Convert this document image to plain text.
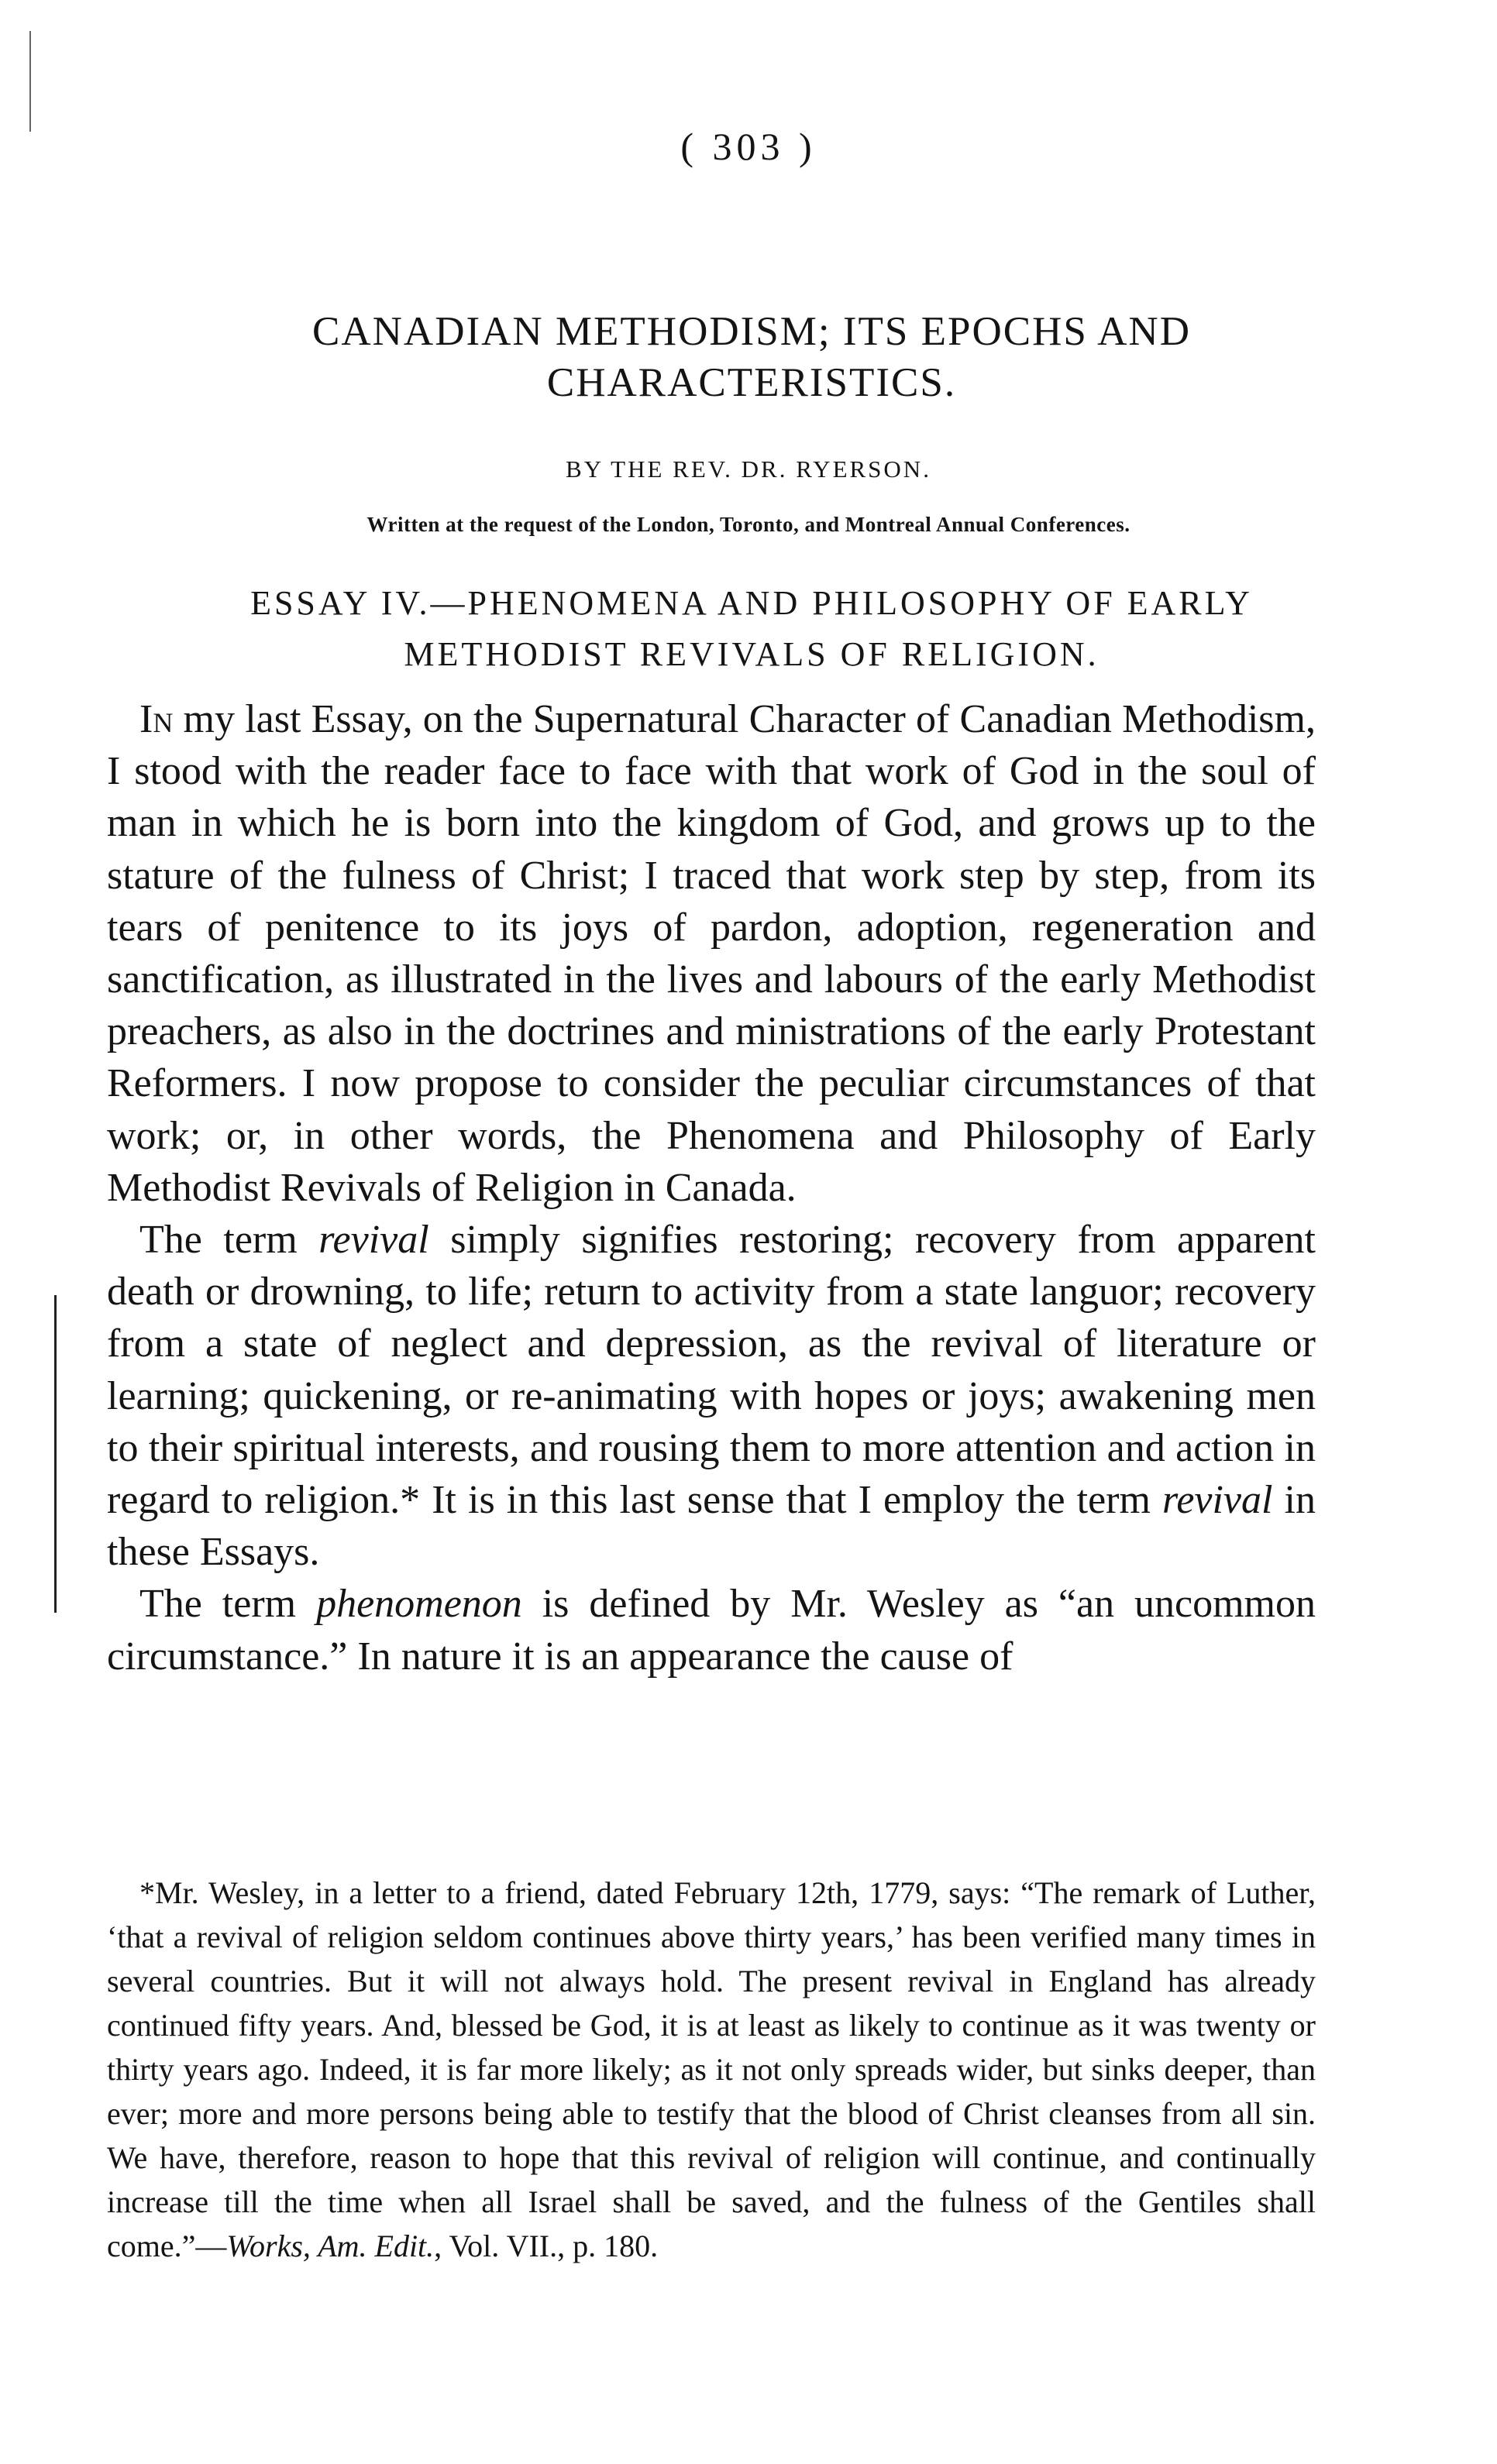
( 303 )
CANADIAN METHODISM; ITS EPOCHS AND CHARACTERISTICS.
BY THE REV. DR. RYERSON.
Written at the request of the London, Toronto, and Montreal Annual Conferences.
ESSAY IV.—PHENOMENA AND PHILOSOPHY OF EARLY METHODIST REVIVALS OF RELIGION.

In my last Essay, on the Supernatural Character of Canadian Methodism, I stood with the reader face to face with that work of God in the soul of man in which he is born into the kingdom of God, and grows up to the stature of the fulness of Christ; I traced that work step by step, from its tears of penitence to its joys of pardon, adoption, regeneration and sanctification, as illustrated in the lives and labours of the early Methodist preachers, as also in the doctrines and ministrations of the early Protestant Reformers. I now propose to consider the peculiar circumstances of that work; or, in other words, the Phenomena and Philosophy of Early Methodist Revivals of Religion in Canada.

The term revival simply signifies restoring; recovery from apparent death or drowning, to life; return to activity from a state languor; recovery from a state of neglect and depression, as the revival of literature or learning; quickening, or re-animating with hopes or joys; awakening men to their spiritual interests, and rousing them to more attention and action in regard to religion.* It is in this last sense that I employ the term revival in these Essays.

The term phenomenon is defined by Mr. Wesley as “an uncommon circumstance.” In nature it is an appearance the cause of

*Mr. Wesley, in a letter to a friend, dated February 12th, 1779, says: “The remark of Luther, ‘that a revival of religion seldom continues above thirty years,’ has been verified many times in several countries. But it will not always hold. The present revival in England has already continued fifty years. And, blessed be God, it is at least as likely to continue as it was twenty or thirty years ago. Indeed, it is far more likely; as it not only spreads wider, but sinks deeper, than ever; more and more persons being able to testify that the blood of Christ cleanses from all sin. We have, therefore, reason to hope that this revival of religion will continue, and continually increase till the time when all Israel shall be saved, and the fulness of the Gentiles shall come.”—Works, Am. Edit., Vol. VII., p. 180.
